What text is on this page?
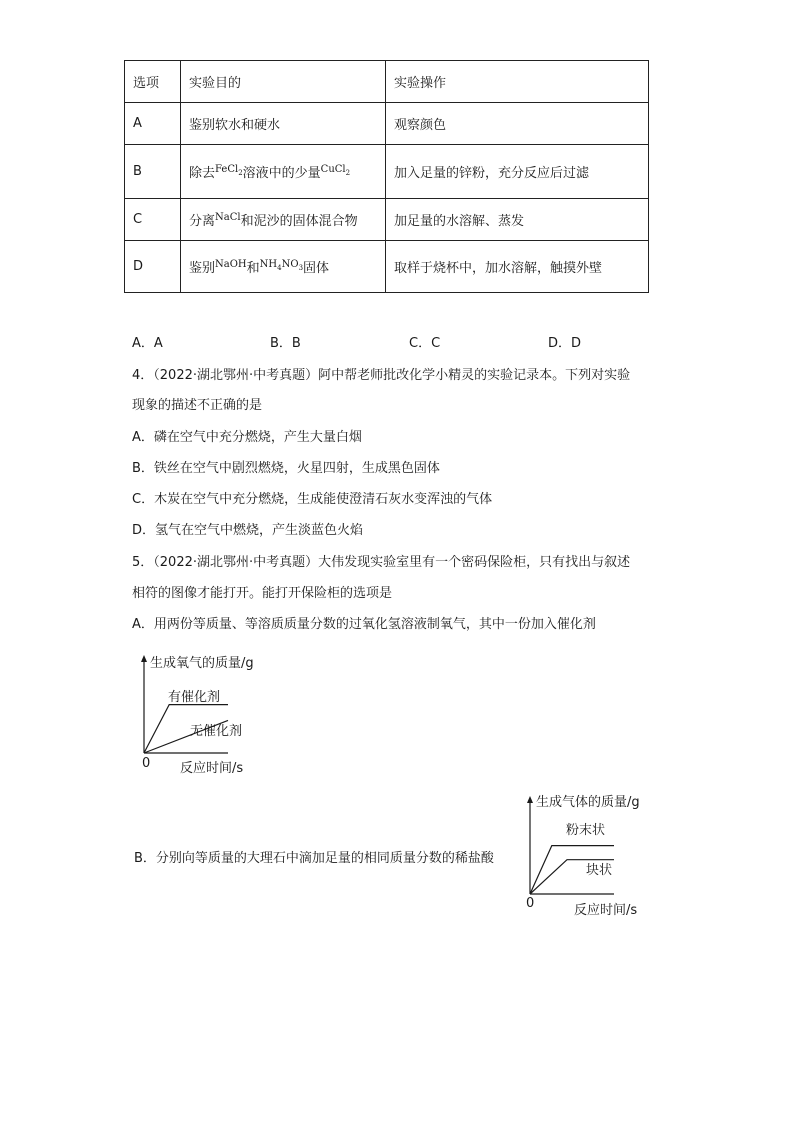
选项	实验目的	实验操作
A	鉴别软水和硬水	观察颜色
B	除去$^{FeCl_2}$溶液中的少量$^{CuCl_2}$	加入足量的锌粉，充分反应后过滤
C	分离$^{NaCl}$和泥沙的固体混合物	加足量的水溶解、蒸发
D	鉴别$^{NaOH}$和$^{NH_4NO_3}$固体	取样于烧杯中，加水溶解，触摸外壁
A．A	B．B	C．C	D．D
4．（2022·湖北鄂州·中考真题）阿中帮老师批改化学小精灵的实验记录本。下列对实验
现象的描述不正确的是
A．磷在空气中充分燃烧，产生大量白烟
B．铁丝在空气中剧烈燃烧，火星四射，生成黑色固体
C．木炭在空气中充分燃烧，生成能使澄清石灰水变浑浊的气体
D．氢气在空气中燃烧，产生淡蓝色火焰
5．（2022·湖北鄂州·中考真题）大伟发现实验室里有一个密码保险柜，只有找出与叙述
相符的图像才能打开。能打开保险柜的选项是
A．用两份等质量、等溶质质量分数的过氧化氢溶液制氧气，其中一份加入催化剂
生成氧气的质量/g
反应时间/s
0
有催化剂
无催化剂
B．分别向等质量的大理石中滴加足量的相同质量分数的稀盐酸
生成气体的质量/g
反应时间/s
0
粉末状
块状
